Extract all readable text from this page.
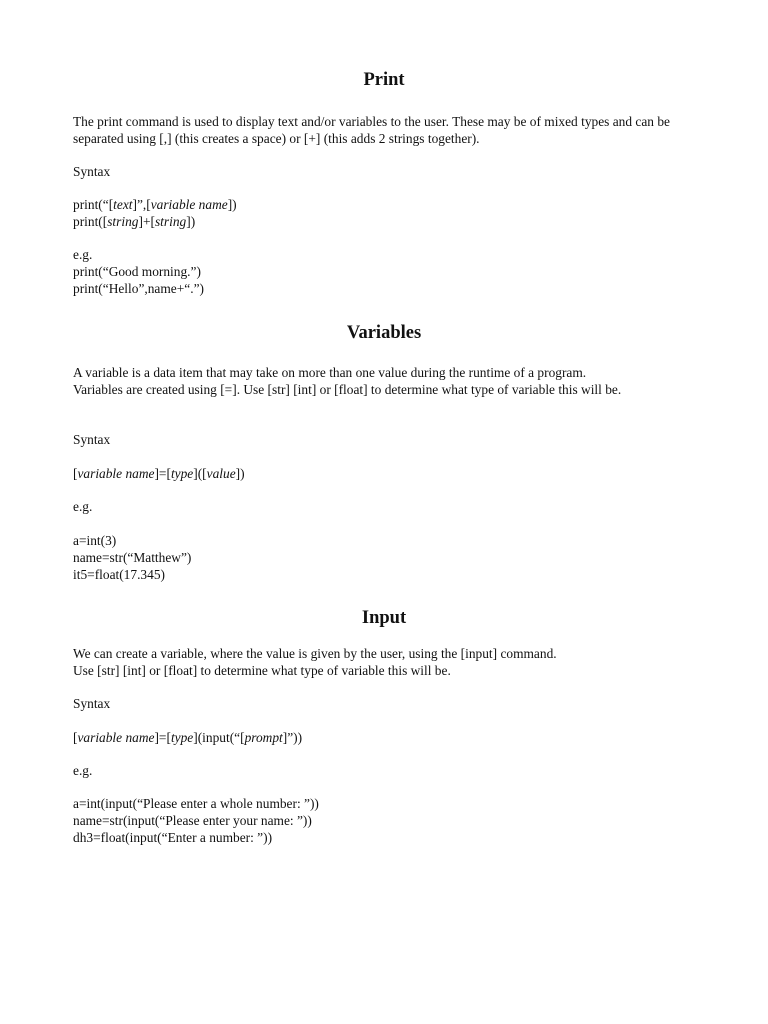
Print

The print command is used to display text and/or variables to the user. These may be of mixed types and can be separated using [,] (this creates a space) or [+] (this adds 2 strings together).

Syntax

print(“[text]”,[variable name])
print([string]+[string])
e.g.
print(“Good morning.”)
print(“Hello”,name+“.”)
Variables
A variable is a data item that may take on more than one value during the runtime of a program.
Variables are created using [=]. Use [str] [int] or [float] to determine what type of variable this will be.

Syntax

[variable name]=[type]([value])

e.g.

a=int(3)
name=str(“Matthew”)
it5=float(17.345)
Input
We can create a variable, where the value is given by the user, using the [input] command.
Use [str] [int] or [float] to determine what type of variable this will be.

Syntax

[variable name]=[type](input(“[prompt]”))

e.g.

a=int(input(“Please enter a whole number: ”))
name=str(input(“Please enter your name: ”))
dh3=float(input(“Enter a number: ”))
